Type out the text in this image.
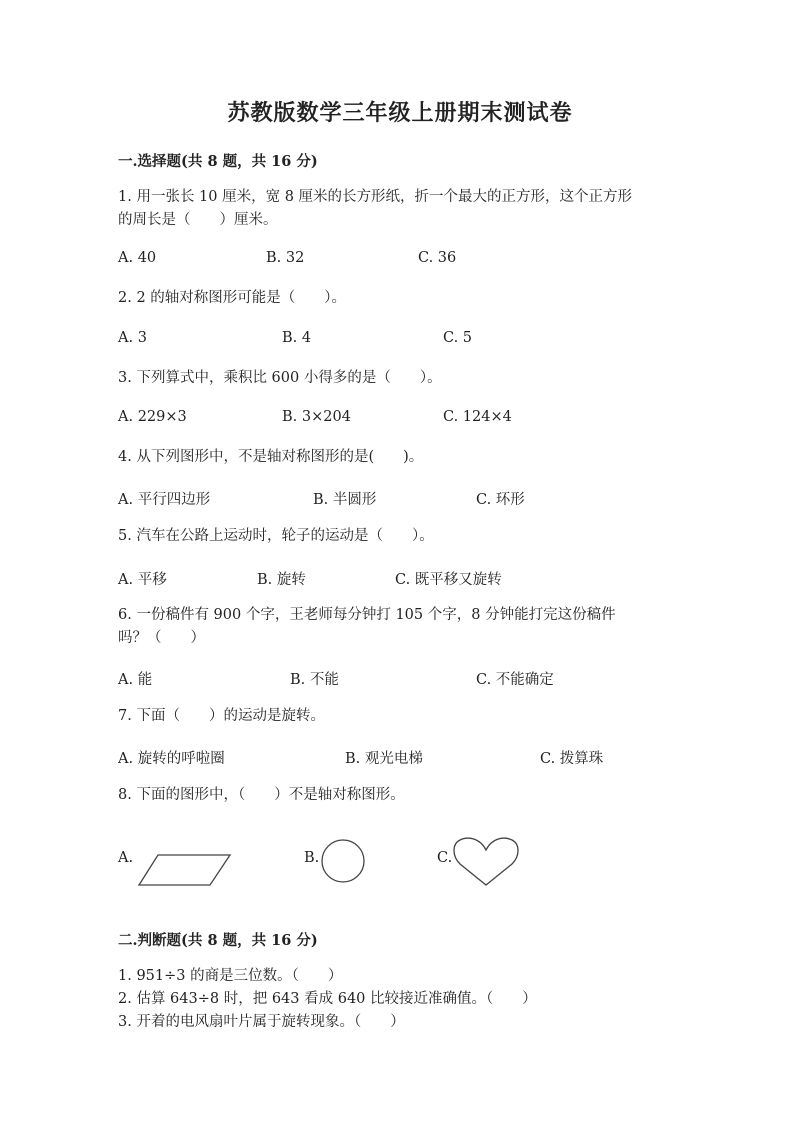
苏教版数学三年级上册期末测试卷
一.选择题(共 8 题，共 16 分)
1. 用一张长 10 厘米，宽 8 厘米的长方形纸，折一个最大的正方形，这个正方形
的周长是（　　）厘米。
A. 40	B. 32	C. 36
2. 2 的轴对称图形可能是（　　）。
A. 3	B. 4	C. 5
3. 下列算式中，乘积比 600 小得多的是（　　）。
A. 229×3	B. 3×204	C. 124×4
4. 从下列图形中，不是轴对称图形的是(　　)。
A. 平行四边形	B. 半圆形	C. 环形
5. 汽车在公路上运动时，轮子的运动是（　　）。
A. 平移	B. 旋转	C. 既平移又旋转
6. 一份稿件有 900 个字，王老师每分钟打 105 个字，8 分钟能打完这份稿件
吗？（　　）
A. 能	B. 不能	C. 不能确定
7. 下面（　　）的运动是旋转。
A. 旋转的呼啦圈	B. 观光电梯	C. 拨算珠
8. 下面的图形中，（　　）不是轴对称图形。
A.	B.	C.
二.判断题(共 8 题，共 16 分)
1. 951÷3 的商是三位数。（　　）
2. 估算 643÷8 时，把 643 看成 640 比较接近准确值。（　　）
3. 开着的电风扇叶片属于旋转现象。（　　）
